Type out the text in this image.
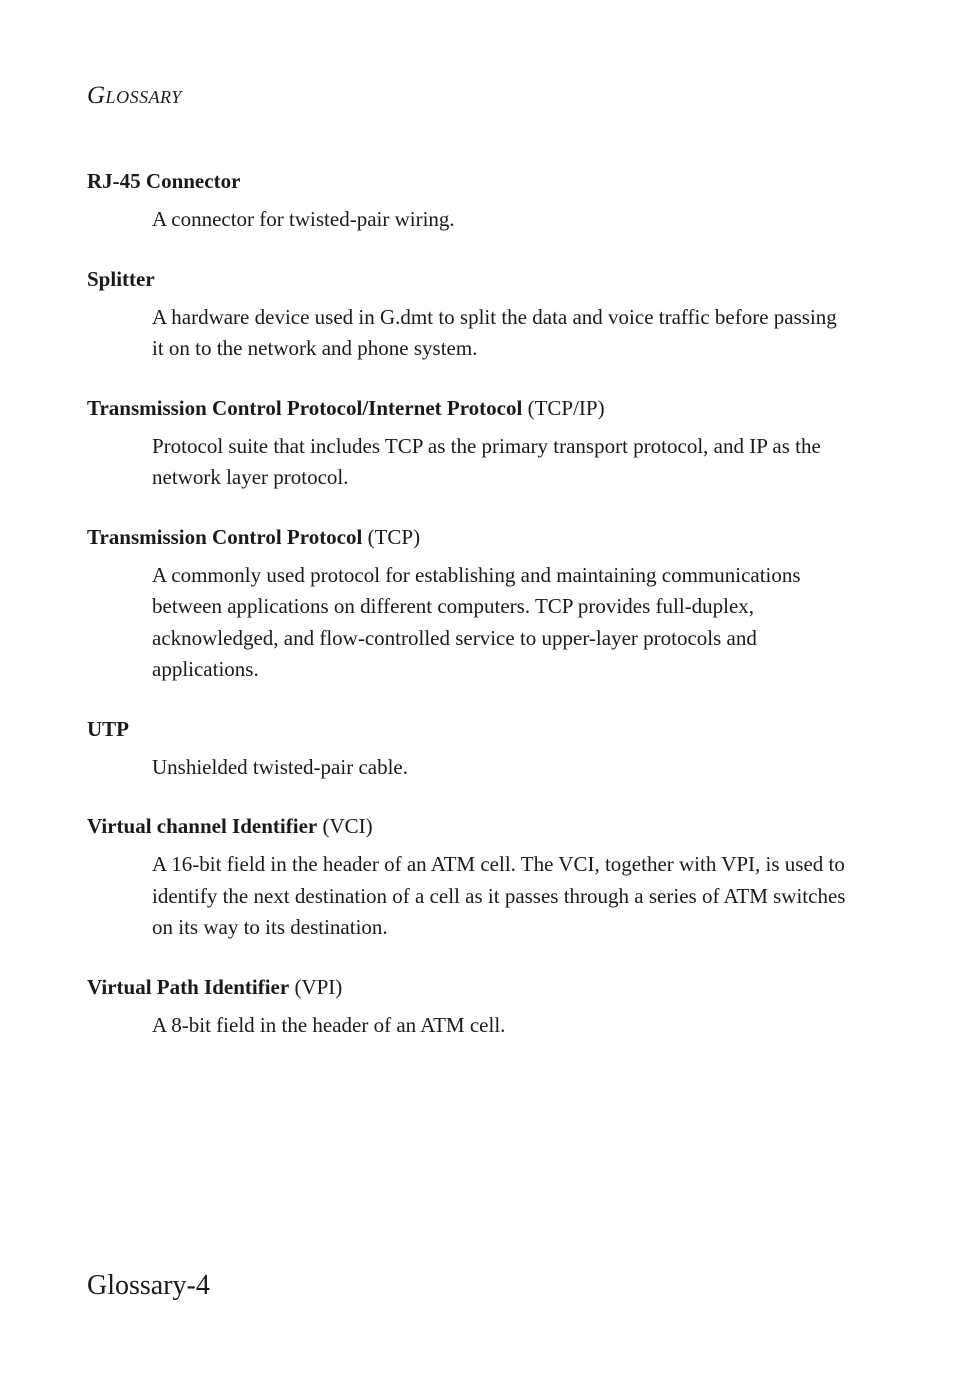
Glossary

RJ-45 Connector

A connector for twisted-pair wiring.

Splitter

A hardware device used in G.dmt to split the data and voice traffic before passing it on to the network and phone system.

Transmission Control Protocol/Internet Protocol (TCP/IP)

Protocol suite that includes TCP as the primary transport protocol, and IP as the network layer protocol.

Transmission Control Protocol (TCP)

A commonly used protocol for establishing and maintaining communications between applications on different computers. TCP provides full-duplex, acknowledged, and flow-controlled service to upper-layer protocols and applications.

UTP

Unshielded twisted-pair cable.

Virtual channel Identifier (VCI)

A 16-bit field in the header of an ATM cell. The VCI, together with VPI, is used to identify the next destination of a cell as it passes through a series of ATM switches on its way to its destination.

Virtual Path Identifier (VPI)

A 8-bit field in the header of an ATM cell.

Glossary-4
